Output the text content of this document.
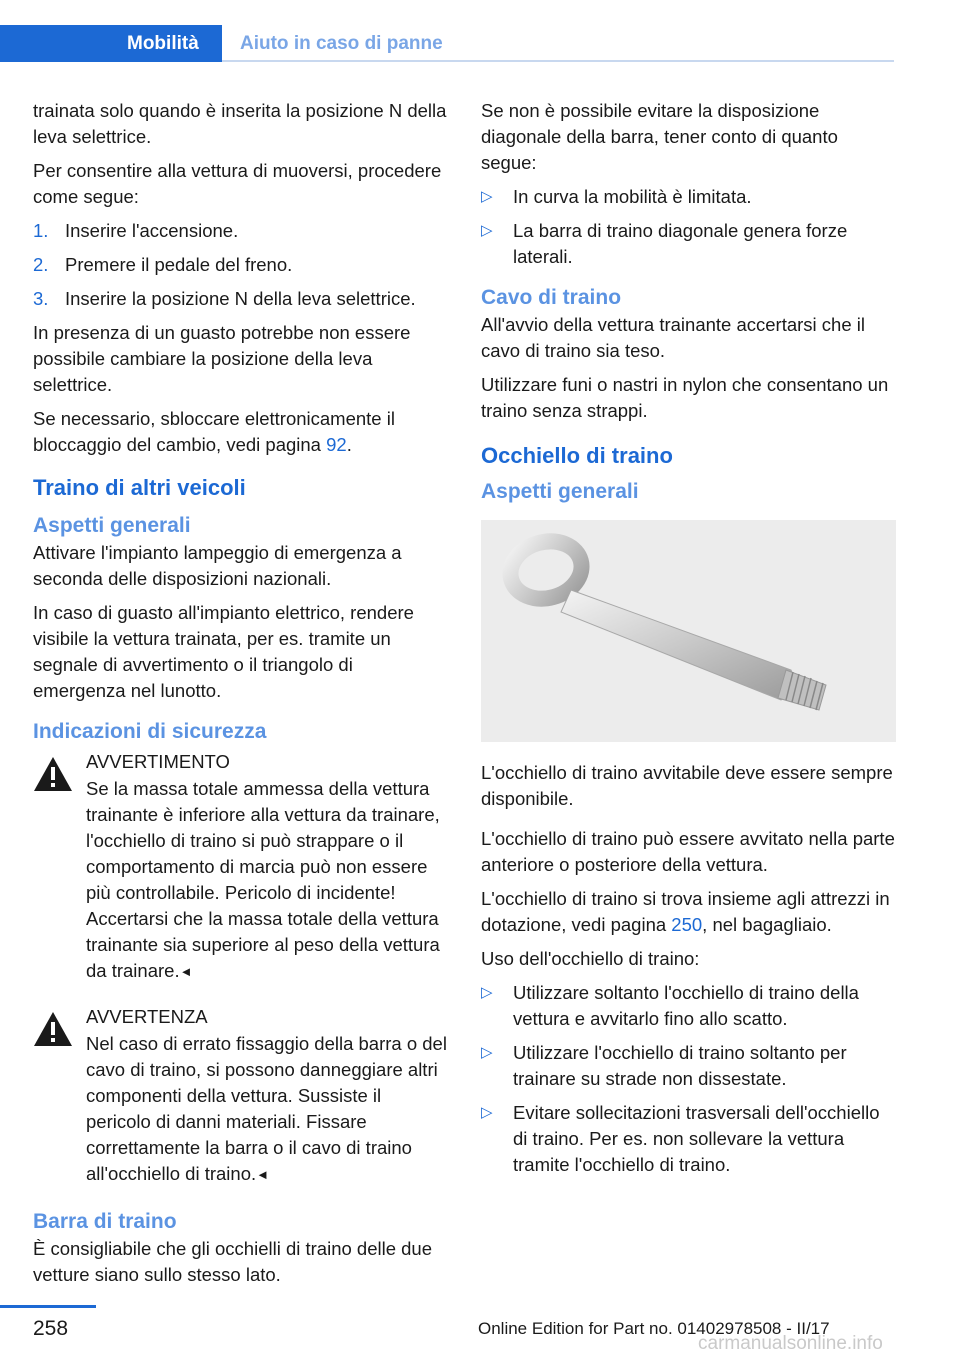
Mobilità	Aiuto in caso di panne

trainata solo quando è inserita la posizione N della leva selettrice.

Per consentire alla vettura di muoversi, procedere come segue:

1. Inserire l'accensione.
2. Premere il pedale del freno.
3. Inserire la posizione N della leva selettrice.

In presenza di un guasto potrebbe non essere possibile cambiare la posizione della leva selettrice.

Se necessario, sbloccare elettronicamente il bloccaggio del cambio, vedi pagina 92.

Traino di altri veicoli
Aspetti generali

Attivare l'impianto lampeggio di emergenza a seconda delle disposizioni nazionali.

In caso di guasto all'impianto elettrico, rendere visibile la vettura trainata, per es. tramite un segnale di avvertimento o il triangolo di emergenza nel lunotto.

Indicazioni di sicurezza
AVVERTIMENTO
Se la massa totale ammessa della vettura trainante è inferiore alla vettura da trainare, l'occhiello di traino si può strappare o il comportamento di marcia può non essere più controllabile. Pericolo di incidente! Accertarsi che la massa totale della vettura trainante sia superiore al peso della vettura da trainare.◄
AVVERTENZA
Nel caso di errato fissaggio della barra o del cavo di traino, si possono danneggiare altri componenti della vettura. Sussiste il pericolo di danni materiali. Fissare correttamente la barra o il cavo di traino all'occhiello di traino.◄
Barra di traino

È consigliabile che gli occhielli di traino delle due vetture siano sullo stesso lato.

Se non è possibile evitare la disposizione diagonale della barra, tener conto di quanto segue:

▷ In curva la mobilità è limitata.
▷ La barra di traino diagonale genera forze laterali.
Cavo di traino

All'avvio della vettura trainante accertarsi che il cavo di traino sia teso.

Utilizzare funi o nastri in nylon che consentano un traino senza strappi.

Occhiello di traino
Aspetti generali

L'occhiello di traino avvitabile deve essere sempre disponibile.

L'occhiello di traino può essere avvitato nella parte anteriore o posteriore della vettura.

L'occhiello di traino si trova insieme agli attrezzi in dotazione, vedi pagina 250, nel bagagliaio.

Uso dell'occhiello di traino:

▷ Utilizzare soltanto l'occhiello di traino della vettura e avvitarlo fino allo scatto.
▷ Utilizzare l'occhiello di traino soltanto per trainare su strade non dissestate.
▷ Evitare sollecitazioni trasversali dell'occhiello di traino. Per es. non sollevare la vettura tramite l'occhiello di traino.
258	Online Edition for Part no. 01402978508 - II/17
carmanualsonline.info
